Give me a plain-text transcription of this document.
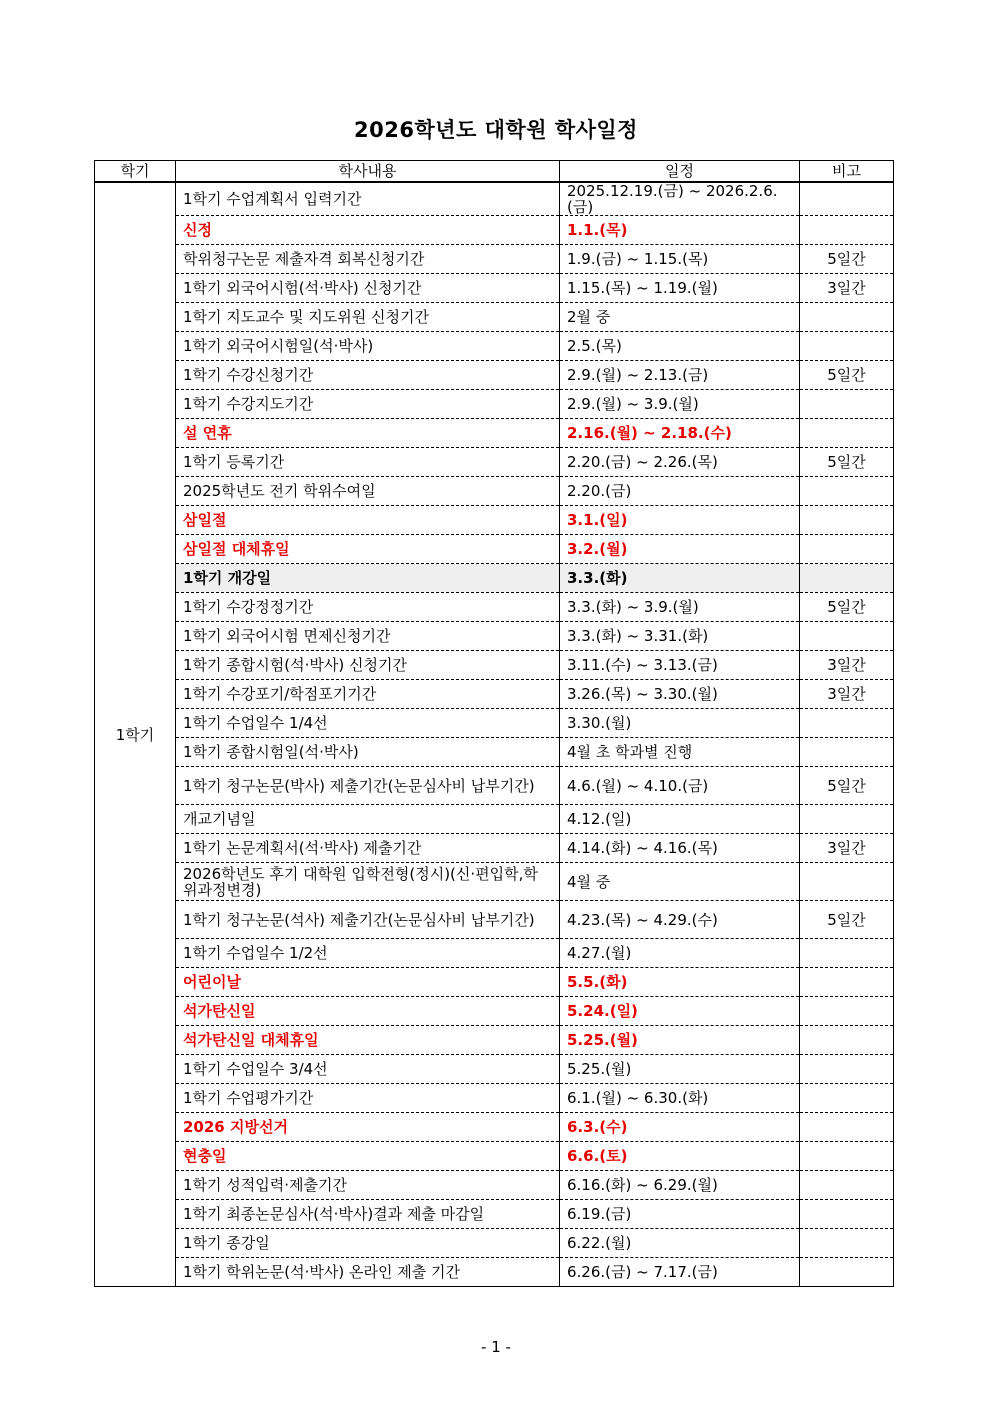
2026학년도 대학원 학사일정
학기	학사내용	일정	비고
1학기	1학기 수업계획서 입력기간	2025.12.19.(금) ~ 2026.2.6.(금)	
	신정	1.1.(목)	
	학위청구논문 제출자격 회복신청기간	1.9.(금) ~ 1.15.(목)	5일간
	1학기 외국어시험(석·박사) 신청기간	1.15.(목) ~ 1.19.(월)	3일간
	1학기 지도교수 및 지도위원 신청기간	2월 중	
	1학기 외국어시험일(석·박사)	2.5.(목)	
	1학기 수강신청기간	2.9.(월) ~ 2.13.(금)	5일간
	1학기 수강지도기간	2.9.(월) ~ 3.9.(월)	
	설 연휴	2.16.(월) ~ 2.18.(수)	
	1학기 등록기간	2.20.(금) ~ 2.26.(목)	5일간
	2025학년도 전기 학위수여일	2.20.(금)	
	삼일절	3.1.(일)	
	삼일절 대체휴일	3.2.(월)	
	1학기 개강일	3.3.(화)	
	1학기 수강정정기간	3.3.(화) ~ 3.9.(월)	5일간
	1학기 외국어시험 면제신청기간	3.3.(화) ~ 3.31.(화)	
	1학기 종합시험(석·박사) 신청기간	3.11.(수) ~ 3.13.(금)	3일간
	1학기 수강포기/학점포기기간	3.26.(목) ~ 3.30.(월)	3일간
	1학기 수업일수 1/4선	3.30.(월)	
	1학기 종합시험일(석·박사)	4월 초 학과별 진행	
	1학기 청구논문(박사) 제출기간(논문심사비 납부기간)	4.6.(월) ~ 4.10.(금)	5일간
	개교기념일	4.12.(일)	
	1학기 논문계획서(석·박사) 제출기간	4.14.(화) ~ 4.16.(목)	3일간
	2026학년도 후기 대학원 입학전형(정시)(신·편입학,학위과정변경)	4월 중	
	1학기 청구논문(석사) 제출기간(논문심사비 납부기간)	4.23.(목) ~ 4.29.(수)	5일간
	1학기 수업일수 1/2선	4.27.(월)	
	어린이날	5.5.(화)	
	석가탄신일	5.24.(일)	
	석가탄신일 대체휴일	5.25.(월)	
	1학기 수업일수 3/4선	5.25.(월)	
	1학기 수업평가기간	6.1.(월) ~ 6.30.(화)	
	2026 지방선거	6.3.(수)	
	현충일	6.6.(토)	
	1학기 성적입력·제출기간	6.16.(화) ~ 6.29.(월)	
	1학기 최종논문심사(석·박사)결과 제출 마감일	6.19.(금)	
	1학기 종강일	6.22.(월)	
	1학기 학위논문(석·박사) 온라인 제출 기간	6.26.(금) ~ 7.17.(금)	
- 1 -
